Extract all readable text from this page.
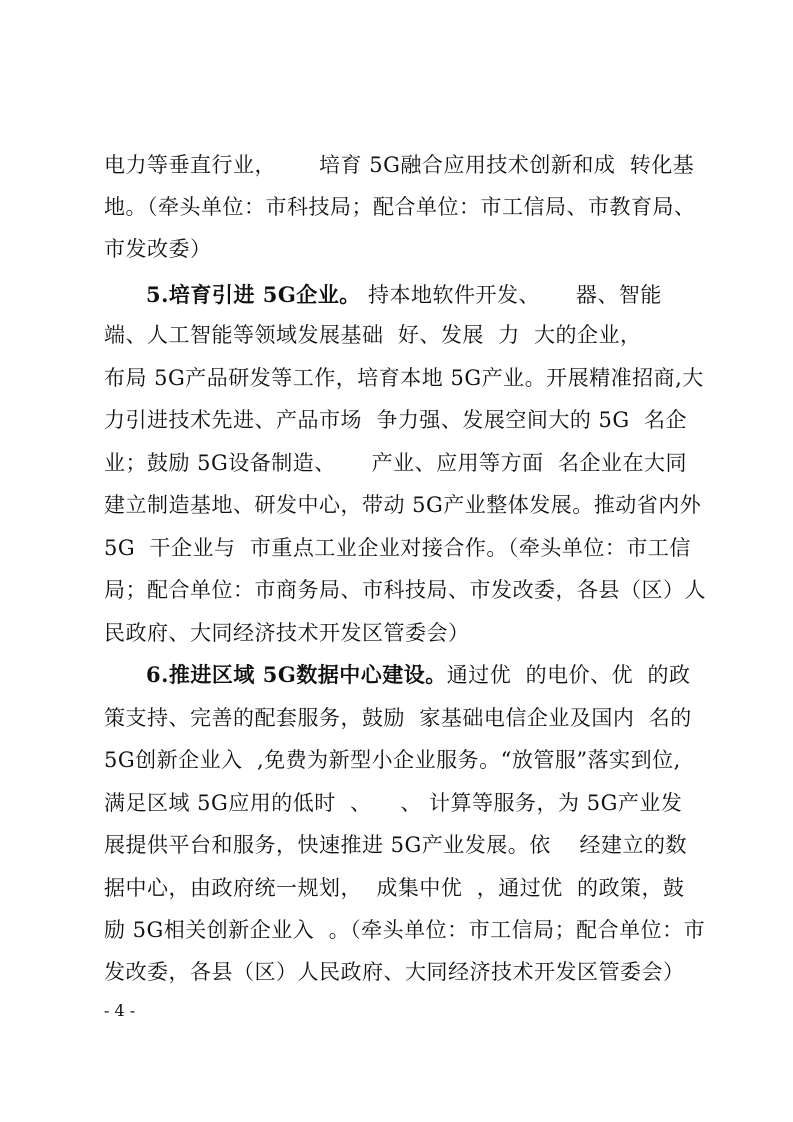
电力等垂直行业，      培育 5G融合应用技术创新和成  转化基
地。（牵头单位：市科技局；配合单位：市工信局、市教育局、
市发改委）
5.培育引进 5G企业。 持本地软件开发、     器、智能
端、人工智能等领域发展基础  好、发展  力  大的企业，
布局 5G产品研发等工作，培育本地 5G产业。开展精准招商,大
力引进技术先进、产品市场  争力强、发展空间大的 5G  名企
业；鼓励 5G设备制造、     产业、应用等方面  名企业在大同
建立制造基地、研发中心，带动 5G产业整体发展。推动省内外
5G  干企业与  市重点工业企业对接合作。（牵头单位：市工信
局；配合单位：市商务局、市科技局、市发改委，各县（区）人
民政府、大同经济技术开发区管委会）
6.推进区域 5G数据中心建设。通过优  的电价、优  的政
策支持、完善的配套服务，鼓励  家基础电信企业及国内  名的
5G创新企业入  ,免费为新型小企业服务。“放管服”落实到位,
满足区域 5G应用的低时  、    、 计算等服务，为 5G产业发
展提供平台和服务，快速推进 5G产业发展。依    经建立的数
据中心，由政府统一规划，  成集中优  ，通过优  的政策，鼓
励 5G相关创新企业入  。（牵头单位：市工信局；配合单位：市
发改委，各县（区）人民政府、大同经济技术开发区管委会）
- 4 -
